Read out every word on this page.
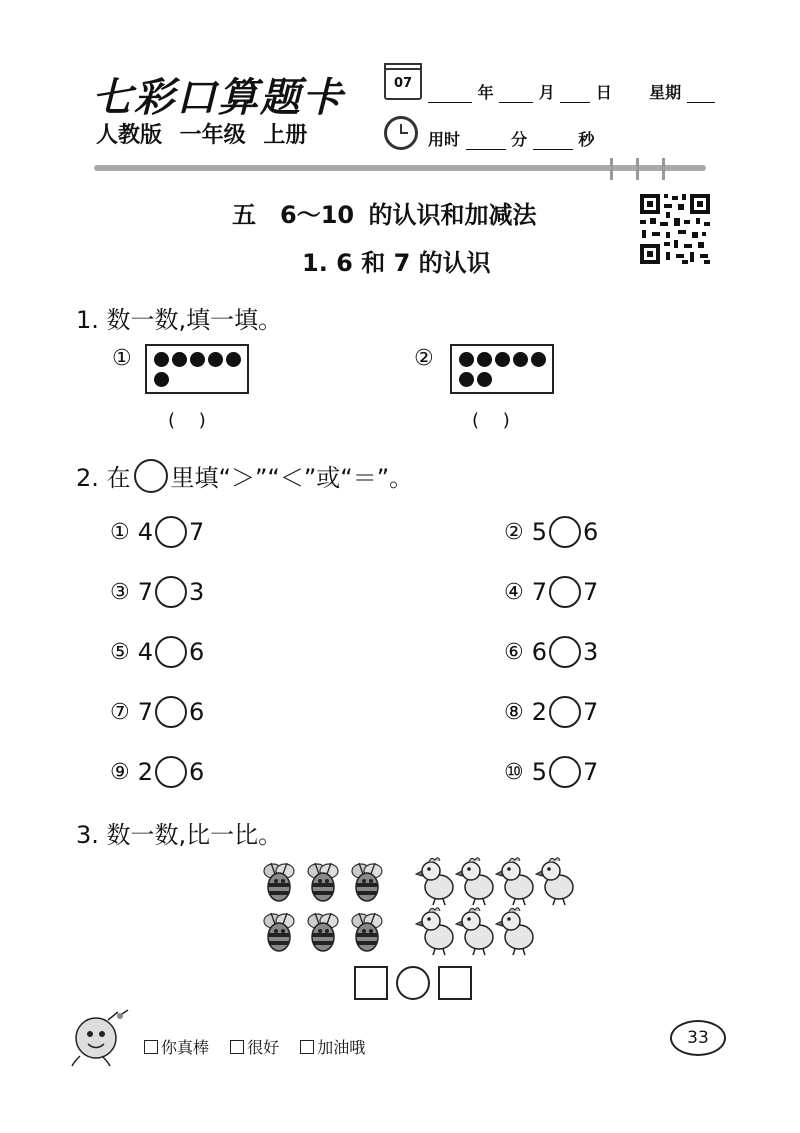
七彩口算题卡
人教版 一年级 上册
07	年	月	日 星期
用时	分	秒
五　6～10 的认识和加减法
1. 6 和 7 的认识
1. 数一数,填一填。
①
(　 )
②
(　 )
2. 在 里填“＞”“＜”或“＝”。
① 4 7	② 5 6
③ 7 3	④ 7 7
⑤ 4 6	⑥ 6 3
⑦ 7 6	⑧ 2 7
⑨ 2 6	⑩ 5 7
3. 数一数,比一比。
你真棒 很好 加油哦	33
